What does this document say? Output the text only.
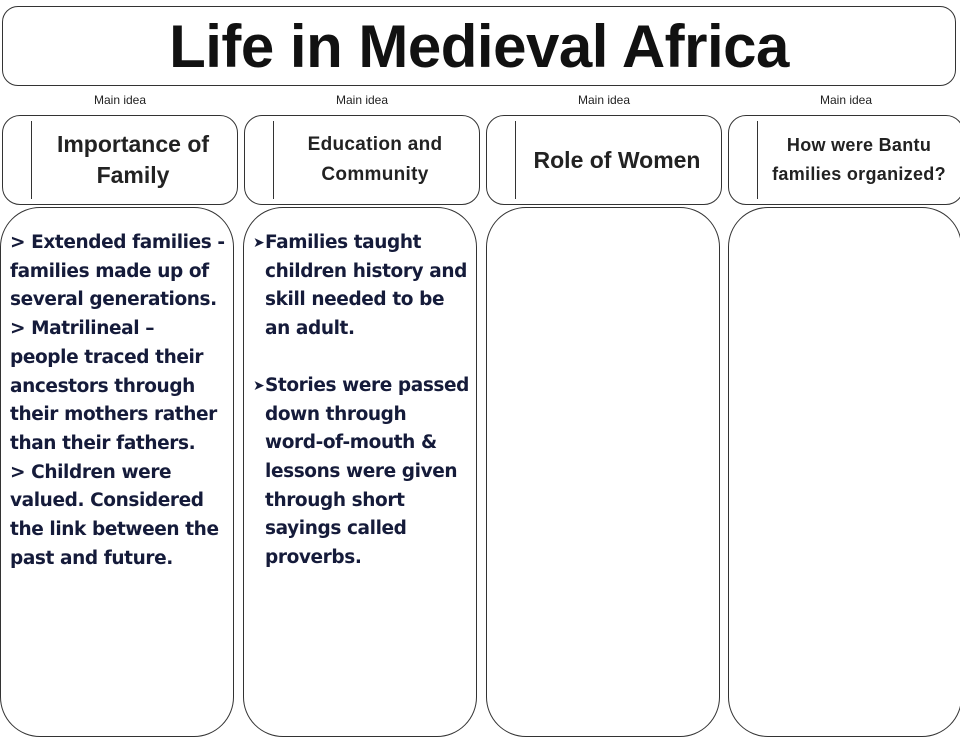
Life in Medieval Africa
Main idea	Main idea	Main idea	Main idea
Importance of Family
Education and Community
Role of Women
How were Bantu families organized?

> Extended families - families made up of several generations.

> Matrilineal – people traced their ancestors through their mothers rather than their fathers.

> Children were valued. Considered the link between the past and future.

➤ Families taught children history and skill needed to be an adult.

➤ Stories were passed down through word-of-mouth & lessons were given through short sayings called proverbs.
